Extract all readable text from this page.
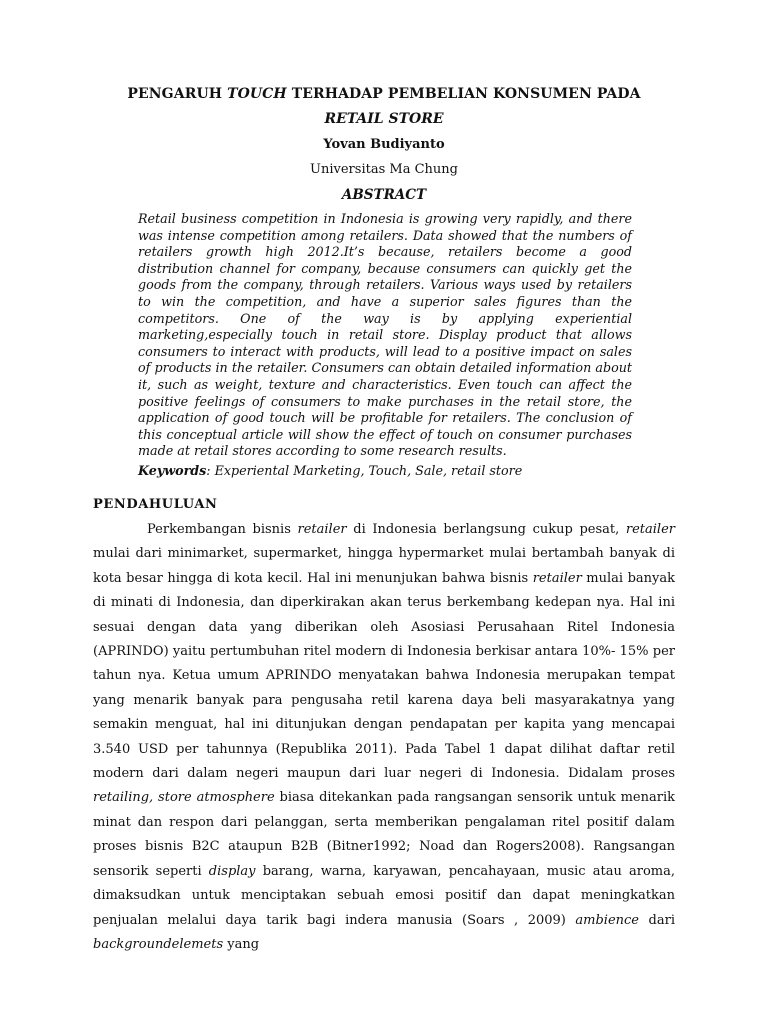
PENGARUH TOUCH TERHADAP PEMBELIAN KONSUMEN PADA
RETAIL STORE
Yovan Budiyanto
Universitas Ma Chung
ABSTRACT
Retail business competition in Indonesia is growing very rapidly, and there was intense competition among retailers. Data showed that the numbers of retailers growth high 2012.It’s because, retailers become a good distribution channel for company, because consumers can quickly get the goods from the company, through retailers. Various ways used by retailers to win the competition, and have a superior sales figures than the competitors. One of the way is by applying experiential marketing,especially touch in retail store. Display product that allows consumers to interact with products, will lead to a positive impact on sales of products in the retailer. Consumers can obtain detailed information about it, such as weight, texture and characteristics. Even touch can affect the positive feelings of consumers to make purchases in the retail store, the application of good touch will be profitable for retailers. The conclusion of this conceptual article will show the effect of touch on consumer purchases made at retail stores according to some research results.
Keywords: Experiental Marketing, Touch, Sale, retail store
PENDAHULUAN

Perkembangan bisnis retailer di Indonesia berlangsung cukup pesat, retailer mulai dari minimarket, supermarket, hingga hypermarket mulai bertambah banyak di kota besar hingga di kota kecil. Hal ini menunjukan bahwa bisnis retailer mulai banyak di minati di Indonesia, dan diperkirakan akan terus berkembang kedepan nya. Hal ini sesuai dengan data yang diberikan oleh Asosiasi Perusahaan Ritel Indonesia (APRINDO) yaitu pertumbuhan ritel modern di Indonesia berkisar antara 10%- 15% per tahun nya. Ketua umum APRINDO menyatakan bahwa Indonesia merupakan tempat yang menarik banyak para pengusaha retil karena daya beli masyarakatnya yang semakin menguat, hal ini ditunjukan dengan pendapatan per kapita yang mencapai 3.540 USD per tahunnya (Republika 2011). Pada Tabel 1 dapat dilihat daftar retil modern dari dalam negeri maupun dari luar negeri di Indonesia. Didalam proses retailing, store atmosphere biasa ditekankan pada rangsangan sensorik untuk menarik minat dan respon dari pelanggan, serta memberikan pengalaman ritel positif dalam proses bisnis B2C ataupun B2B (Bitner1992; Noad dan Rogers2008). Rangsangan sensorik seperti display barang, warna, karyawan, pencahayaan, music atau aroma, dimaksudkan untuk menciptakan sebuah emosi positif dan dapat meningkatkan penjualan melalui daya tarik bagi indera manusia (Soars , 2009) ambience dari backgroundelemets yang
